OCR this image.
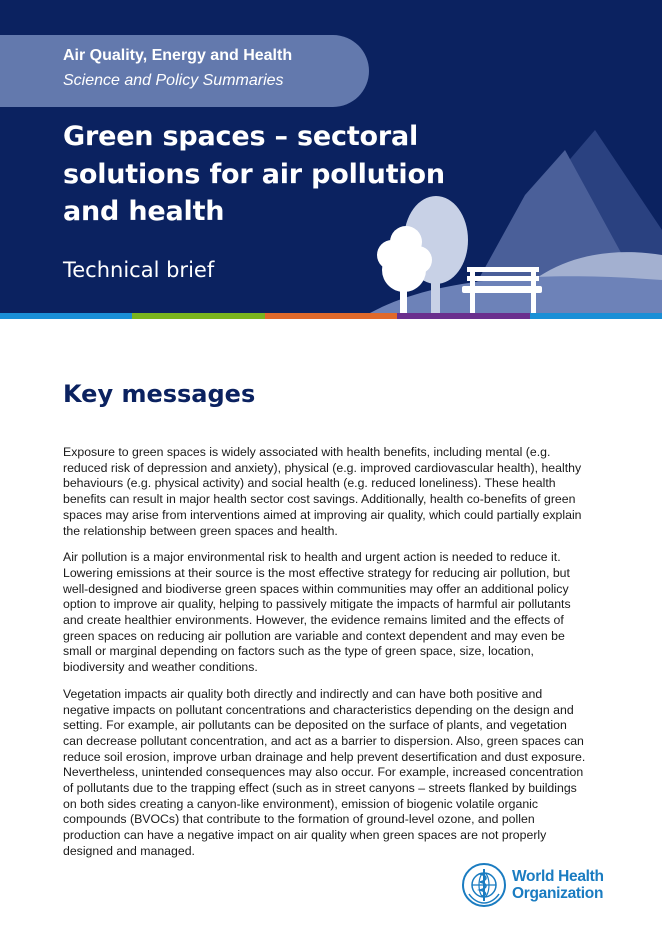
Air Quality, Energy and Health
Science and Policy Summaries
Green spaces – sectoral solutions for air pollution and health
Technical brief
Key messages

Exposure to green spaces is widely associated with health benefits, including mental (e.g. reduced risk of depression and anxiety), physical (e.g. improved cardiovascular health), healthy behaviours (e.g. physical activity) and social health (e.g. reduced loneliness). These health benefits can result in major health sector cost savings. Additionally, health co-benefits of green spaces may arise from interventions aimed at improving air quality, which could partially explain the relationship between green spaces and health.

Air pollution is a major environmental risk to health and urgent action is needed to reduce it. Lowering emissions at their source is the most effective strategy for reducing air pollution, but well-designed and biodiverse green spaces within communities may offer an additional policy option to improve air quality, helping to passively mitigate the impacts of harmful air pollutants and create healthier environments. However, the evidence remains limited and the effects of green spaces on reducing air pollution are variable and context dependent and may even be small or marginal depending on factors such as the type of green space, size, location, biodiversity and weather conditions.

Vegetation impacts air quality both directly and indirectly and can have both positive and negative impacts on pollutant concentrations and characteristics depending on the design and setting. For example, air pollutants can be deposited on the surface of plants, and vegetation can decrease pollutant concentration, and act as a barrier to dispersion. Also, green spaces can reduce soil erosion, improve urban drainage and help prevent desertification and dust exposure. Nevertheless, unintended consequences may also occur. For example, increased concentration of pollutants due to the trapping effect (such as in street canyons – streets flanked by buildings on both sides creating a canyon-like environment), emission of biogenic volatile organic compounds (BVOCs) that contribute to the formation of ground-level ozone, and pollen production can have a negative impact on air quality when green spaces are not properly designed and managed.

World Health
Organization
